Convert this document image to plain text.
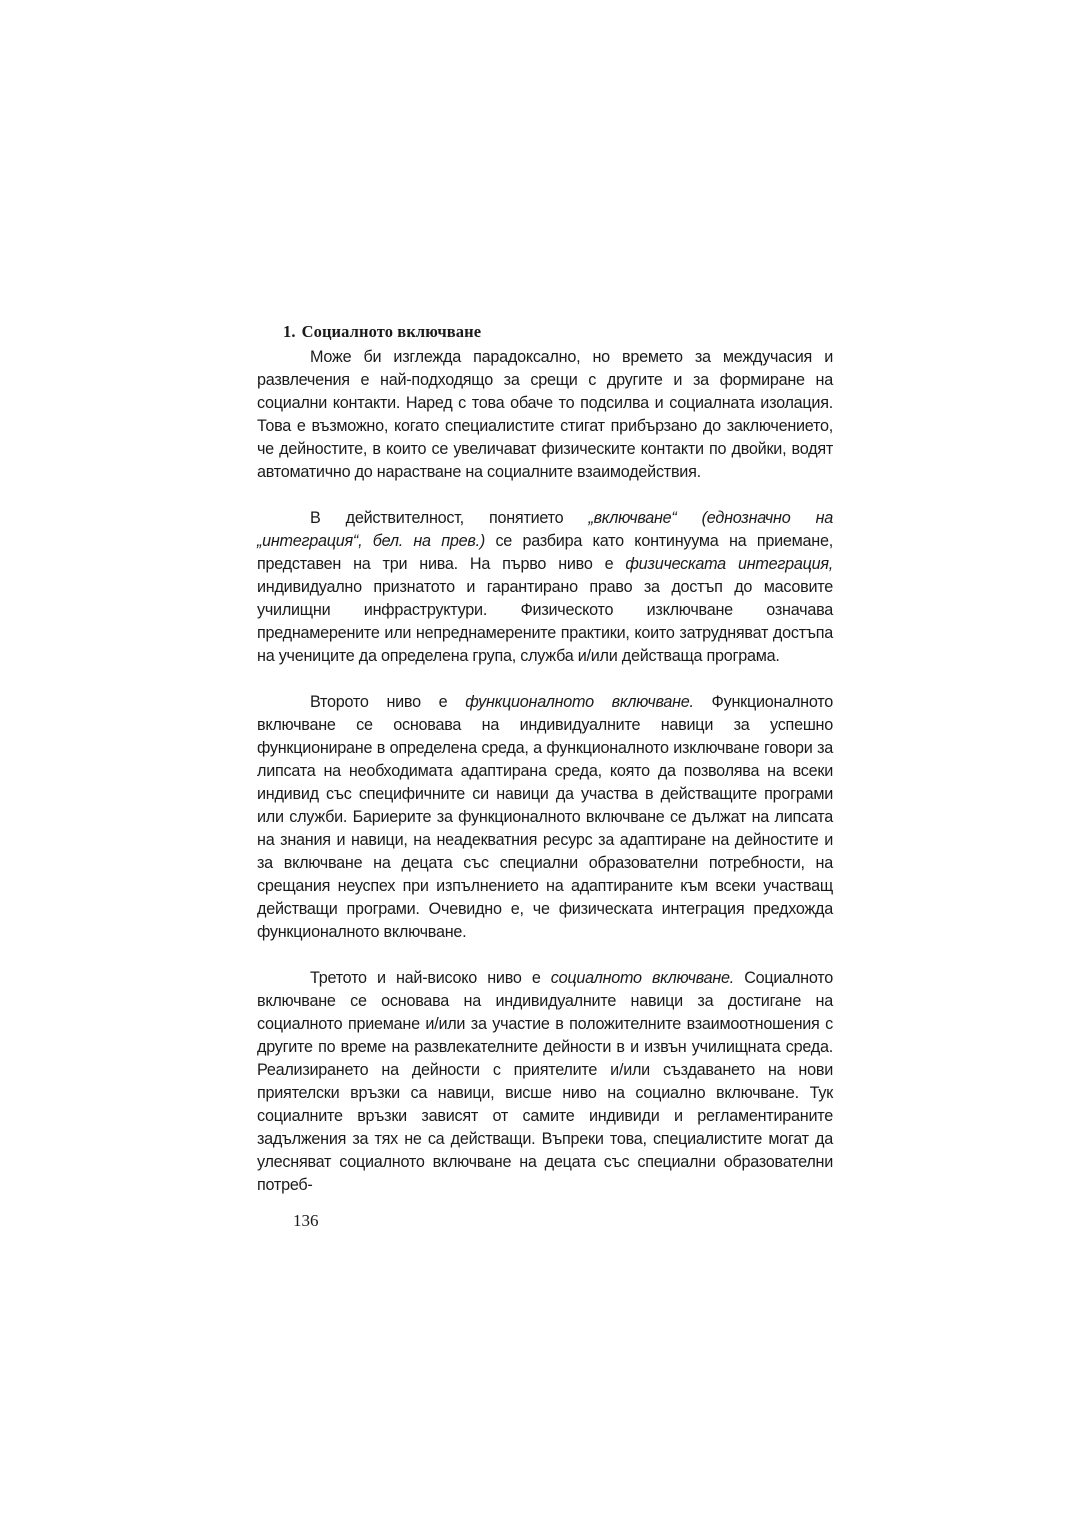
1. Социалното включване

Може би изглежда парадоксално, но времето за междучасия и развлечения е най-подходящо за срещи с другите и за формиране на социални контакти. Наред с това обаче то подсилва и социалната изолация. Това е възможно, когато специалистите стигат прибързано до заключението, че дейностите, в които се увеличават физическите контакти по двойки, водят автоматично до нарастване на социалните взаимодействия.

В действителност, понятието „включване“ (еднозначно на „интеграция“, бел. на прев.) се разбира като континуума на приемане, представен на три нива. На първо ниво е физическата интеграция, индивидуално признатото и гарантирано право за достъп до масовите училищни инфраструктури. Физическото изключване означава преднамерените или непреднамерените практики, които затрудняват достъпа на учениците да определена група, служба и/или действаща програма.

Второто ниво е функционалното включване. Функционалното включване се основава на индивидуалните навици за успешно функциониране в определена среда, а функционалното изключване говори за липсата на необходимата адаптирана среда, която да позволява на всеки индивид със специфичните си навици да участва в действащите програми или служби. Бариерите за функционалното включване се дължат на липсата на знания и навици, на неадекватния ресурс за адаптиране на дейностите и за включване на децата със специални образователни потребности, на срещания неуспех при изпълнението на адаптираните към всеки участващ действащи програми. Очевидно е, че физическата интеграция предхожда функционалното включване.

Третото и най-високо ниво е социалното включване. Социалното включване се основава на индивидуалните навици за достигане на социалното приемане и/или за участие в положителните взаимоотношения с другите по време на развлекателните дейности в и извън училищната среда. Реализирането на дейности с приятелите и/или създаването на нови приятелски връзки са навици, висше ниво на социално включване. Тук социалните връзки зависят от самите индивиди и регламентираните задължения за тях не са действащи. Въпреки това, специалистите могат да улесняват социалното включване на децата със специални образователни потреб-

136
